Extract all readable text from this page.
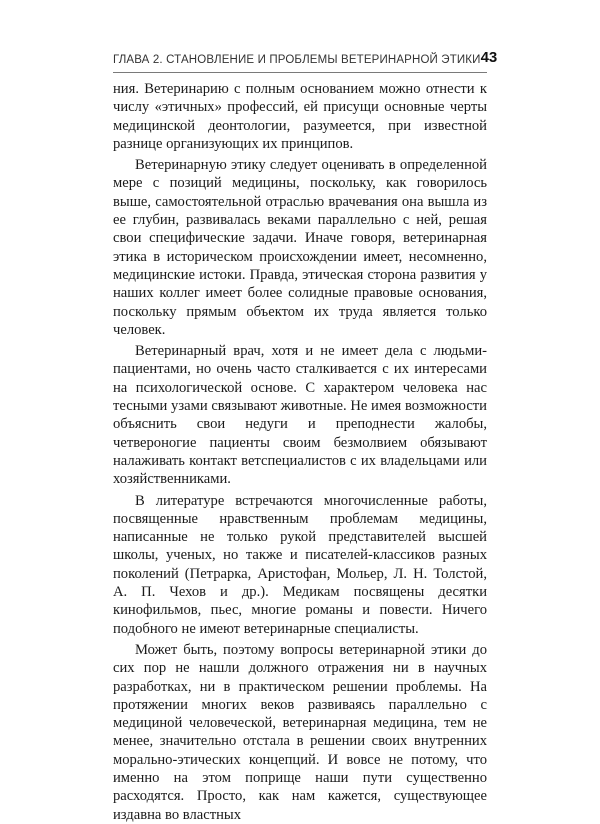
ГЛАВА 2. СТАНОВЛЕНИЕ И ПРОБЛЕМЫ ВЕТЕРИНАРНОЙ ЭТИКИ 43

ния. Ветеринарию с полным основанием можно отнести к числу «этичных» профессий, ей присущи основные черты медицинской деонтологии, разумеется, при известной разнице организующих их принципов.

Ветеринарную этику следует оценивать в определенной мере с позиций медицины, поскольку, как говорилось выше, самостоятельной отраслью врачевания она вышла из ее глубин, развивалась веками параллельно с ней, решая свои специфические задачи. Иначе говоря, ветеринарная этика в историческом происхождении имеет, несомненно, медицинские истоки. Правда, этическая сторона развития у наших коллег имеет более солидные правовые основания, поскольку прямым объектом их труда является только человек.

Ветеринарный врач, хотя и не имеет дела с людьми-пациентами, но очень часто сталкивается с их интересами на психологической основе. С характером человека нас тесными узами связывают животные. Не имея возможности объяснить свои недуги и преподнести жалобы, четвероногие пациенты своим безмолвием обязывают налаживать контакт ветспециалистов с их владельцами или хозяйственниками.

В литературе встречаются многочисленные работы, посвященные нравственным проблемам медицины, написанные не только рукой представителей высшей школы, ученых, но также и писателей-классиков разных поколений (Петрарка, Аристофан, Мольер, Л. Н. Толстой, А. П. Чехов и др.). Медикам посвящены десятки кинофильмов, пьес, многие романы и повести. Ничего подобного не имеют ветеринарные специалисты.

Может быть, поэтому вопросы ветеринарной этики до сих пор не нашли должного отражения ни в научных разработках, ни в практическом решении проблемы. На протяжении многих веков развиваясь параллельно с медициной человеческой, ветеринарная медицина, тем не менее, значительно отстала в решении своих внутренних морально-этических концепций. И вовсе не потому, что именно на этом поприще наши пути существенно расходятся. Просто, как нам кажется, существующее издавна во властных
